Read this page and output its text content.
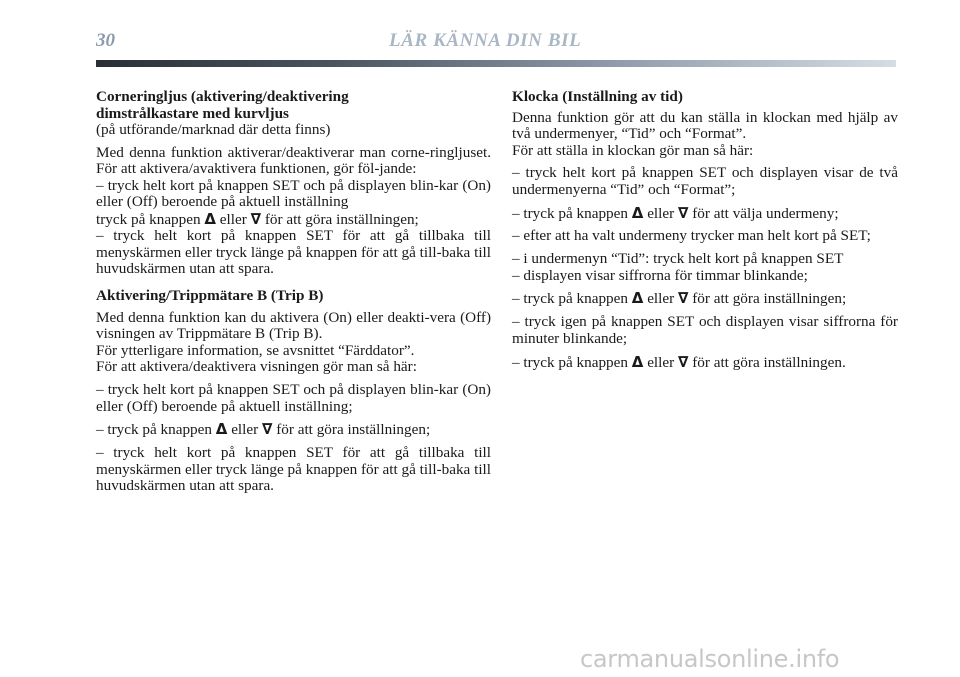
30	LÄR KÄNNA DIN BIL
Corneringljus (aktivering/deaktivering
dimstrålkastare med kurvljus
(på utförande/marknad där detta finns)
Med denna funktion aktiverar/deaktiverar man corne-ringljuset. För att aktivera/avaktivera funktionen, gör föl-jande:
– tryck helt kort på knappen SET och på displayen blin-kar (On) eller (Off) beroende på aktuell inställning
tryck på knappen Δ eller ∇ för att göra inställningen;
– tryck helt kort på knappen SET för att gå tillbaka till menyskärmen eller tryck länge på knappen för att gå till-baka till huvudskärmen utan att spara.
Aktivering/Trippmätare B (Trip B)
Med denna funktion kan du aktivera (On) eller deakti-vera (Off) visningen av Trippmätare B (Trip B).
För ytterligare information, se avsnittet “Färddator”.
För att aktivera/deaktivera visningen gör man så här:
– tryck helt kort på knappen SET och på displayen blin-kar (On) eller (Off) beroende på aktuell inställning;
– tryck på knappen Δ eller ∇ för att göra inställningen;
– tryck helt kort på knappen SET för att gå tillbaka till menyskärmen eller tryck länge på knappen för att gå till-baka till huvudskärmen utan att spara.
Klocka (Inställning av tid)
Denna funktion gör att du kan ställa in klockan med hjälp av två undermenyer, “Tid” och “Format”.
För att ställa in klockan gör man så här:
– tryck helt kort på knappen SET och displayen visar de två undermenyerna “Tid” och “Format”;
– tryck på knappen Δ eller ∇ för att välja undermeny;
– efter att ha valt undermeny trycker man helt kort på SET;
– i undermenyn “Tid”: tryck helt kort på knappen SET
– displayen visar siffrorna för timmar blinkande;
– tryck på knappen Δ eller ∇ för att göra inställningen;
– tryck igen på knappen SET och displayen visar siffrorna för minuter blinkande;
– tryck på knappen Δ eller ∇ för att göra inställningen.
carmanualsonline.info
